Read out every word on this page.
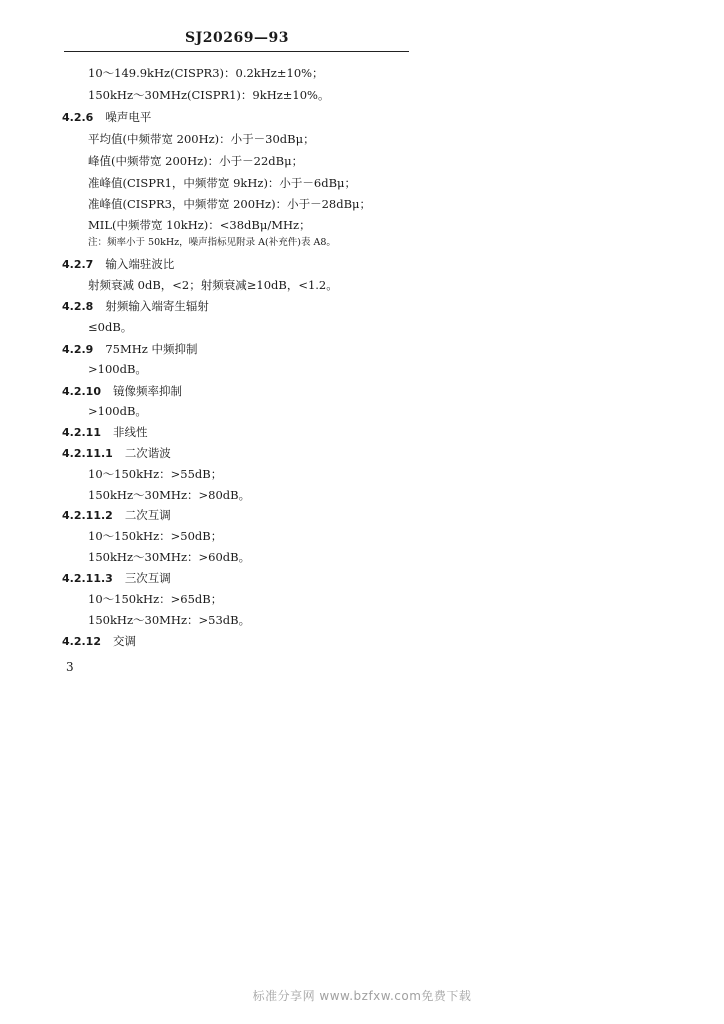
SJ20269—93
10～149.9kHz(CISPR3)：0.2kHz±10%；
150kHz～30MHz(CISPR1)：9kHz±10%。
4.2.6 噪声电平
平均值(中频带宽 200Hz)：小于－30dBμ；
峰值(中频带宽 200Hz)：小于－22dBμ；
准峰值(CISPR1，中频带宽 9kHz)：小于－6dBμ；
准峰值(CISPR3，中频带宽 200Hz)：小于－28dBμ；
MIL(中频带宽 10kHz)：<38dBμ/MHz；
注：频率小于 50kHz，噪声指标见附录 A(补充件)表 A8。
4.2.7 输入端驻波比
射频衰减 0dB，<2；射频衰减≥10dB，<1.2。
4.2.8 射频输入端寄生辐射
≤0dB。
4.2.9 75MHz 中频抑制
>100dB。
4.2.10 镜像频率抑制
>100dB。
4.2.11 非线性
4.2.11.1 二次谐波
10～150kHz：>55dB；
150kHz～30MHz：>80dB。
4.2.11.2 二次互调
10～150kHz：>50dB；
150kHz～30MHz：>60dB。
4.2.11.3 三次互调
10～150kHz：>65dB；
150kHz～30MHz：>53dB。
4.2.12 交调
3
标准分享网 www.bzfxw.com免费下载
